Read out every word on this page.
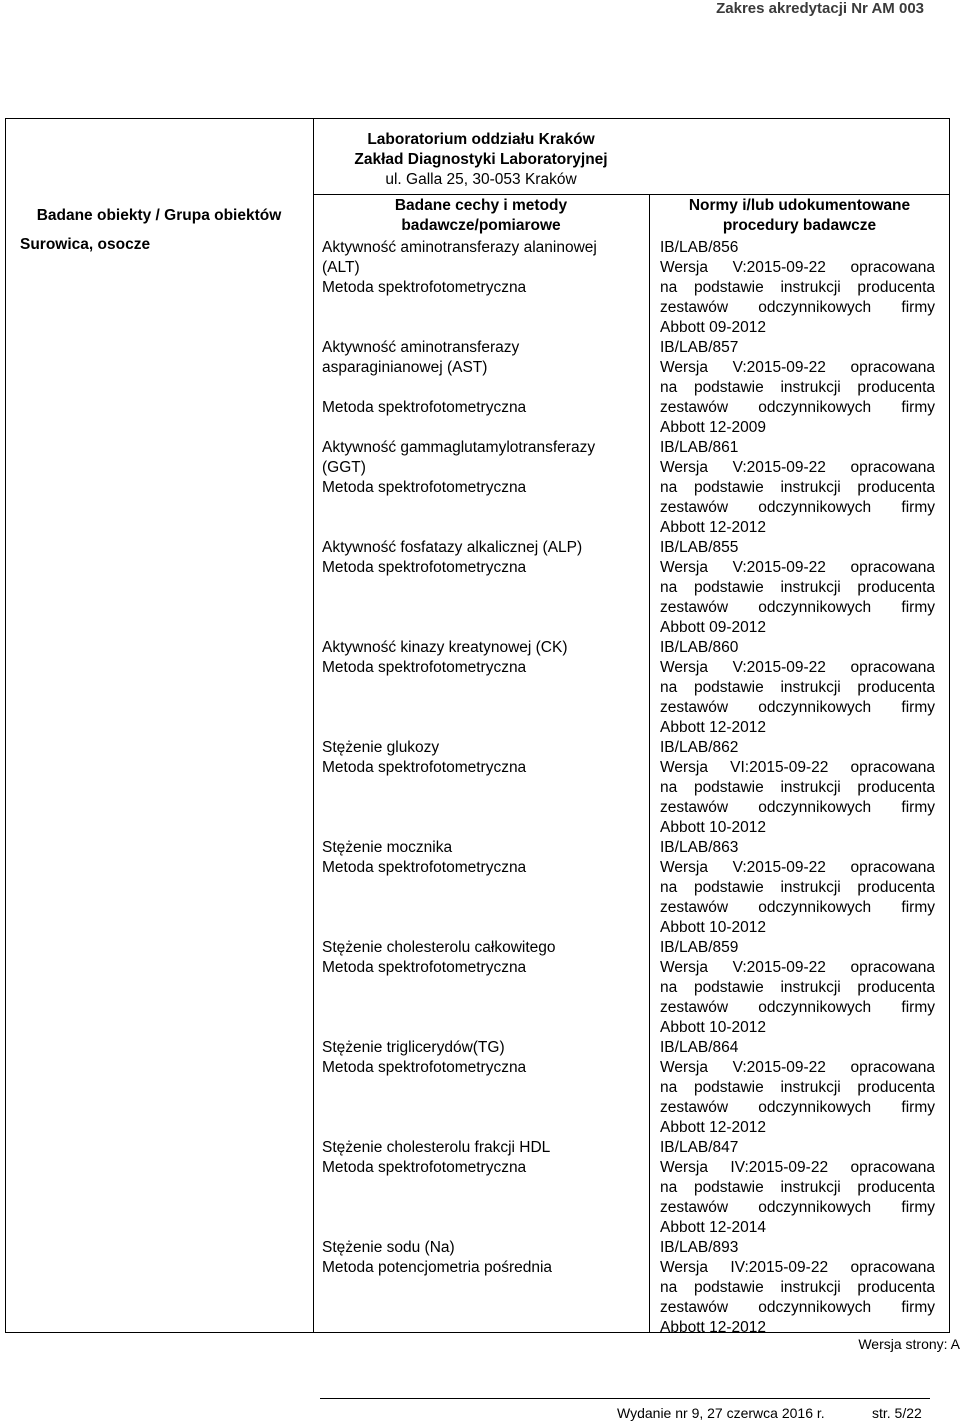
Zakres akredytacji Nr AM 003
Laboratorium oddziału Kraków
Zakład Diagnostyki Laboratoryjnej
ul. Galla 25, 30-053 Kraków
Badane obiekty / Grupa obiektów
Badane cechy i metody
badawcze/pomiarowe
Normy i/lub udokumentowane
procedury badawcze
Surowica, osocze	Aktywność aminotransferazy alaninowej
(ALT)
Metoda spektrofotometryczna
Aktywność aminotransferazy
asparaginianowej (AST)
Metoda spektrofotometryczna
Aktywność gammaglutamylotransferazy
(GGT)
Metoda spektrofotometryczna
Aktywność fosfatazy alkalicznej (ALP)
Metoda spektrofotometryczna
Aktywność kinazy kreatynowej (CK)
Metoda spektrofotometryczna
Stężenie glukozy
Metoda spektrofotometryczna
Stężenie mocznika
Metoda spektrofotometryczna
Stężenie cholesterolu całkowitego
Metoda spektrofotometryczna
Stężenie triglicerydów(TG)
Metoda spektrofotometryczna
Stężenie cholesterolu frakcji HDL
Metoda spektrofotometryczna
Stężenie sodu (Na)
Metoda potencjometria pośrednia
IB/LAB/856
Wersja V:2015-09-22 opracowana
na podstawie instrukcji producenta
zestawów odczynnikowych firmy
Abbott 09-2012
IB/LAB/857
Wersja V:2015-09-22 opracowana
na podstawie instrukcji producenta
zestawów odczynnikowych firmy
Abbott 12-2009
IB/LAB/861
Wersja V:2015-09-22 opracowana
na podstawie instrukcji producenta
zestawów odczynnikowych firmy
Abbott 12-2012
IB/LAB/855
Wersja V:2015-09-22 opracowana
na podstawie instrukcji producenta
zestawów odczynnikowych firmy
Abbott 09-2012
IB/LAB/860
Wersja V:2015-09-22 opracowana
na podstawie instrukcji producenta
zestawów odczynnikowych firmy
Abbott 12-2012
IB/LAB/862
Wersja VI:2015-09-22 opracowana
na podstawie instrukcji producenta
zestawów odczynnikowych firmy
Abbott 10-2012
IB/LAB/863
Wersja V:2015-09-22 opracowana
na podstawie instrukcji producenta
zestawów odczynnikowych firmy
Abbott 10-2012
IB/LAB/859
Wersja V:2015-09-22 opracowana
na podstawie instrukcji producenta
zestawów odczynnikowych firmy
Abbott 10-2012
IB/LAB/864
Wersja V:2015-09-22 opracowana
na podstawie instrukcji producenta
zestawów odczynnikowych firmy
Abbott 12-2012
IB/LAB/847
Wersja IV:2015-09-22 opracowana
na podstawie instrukcji producenta
zestawów odczynnikowych firmy
Abbott 12-2014
IB/LAB/893
Wersja IV:2015-09-22 opracowana
na podstawie instrukcji producenta
zestawów odczynnikowych firmy
Abbott 12-2012
Wersja strony: A
Wydanie nr 9, 27 czerwca 2016 r.	str. 5/22
